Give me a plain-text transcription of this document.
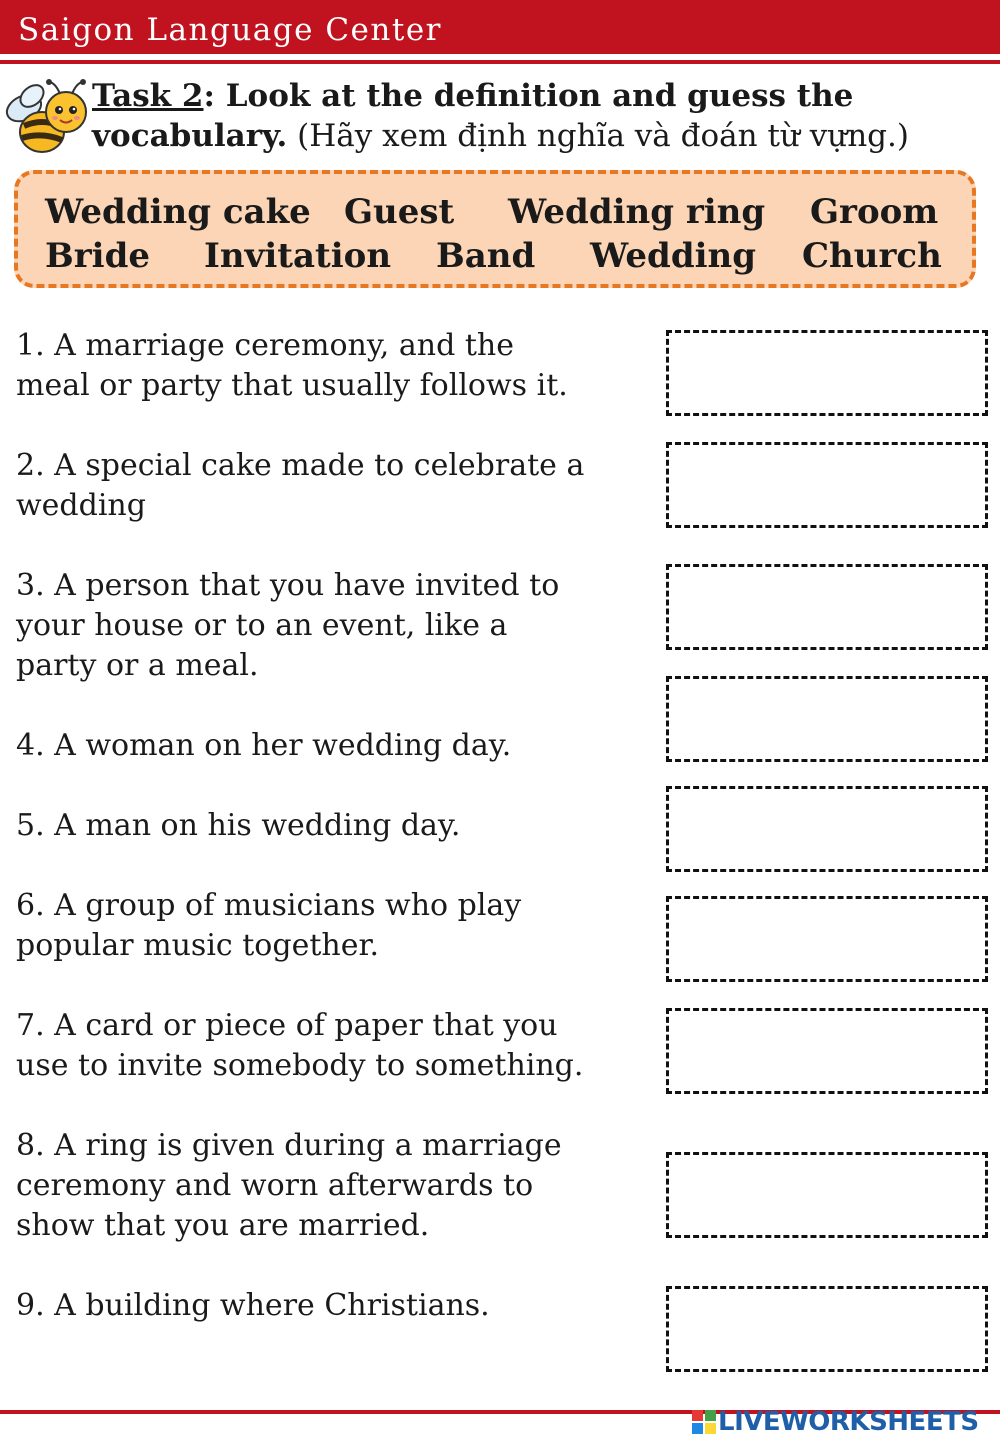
Saigon Language Center
Task 2: Look at the definition and guess the vocabulary. (Hãy xem định nghĩa và đoán từ vựng.)
Wedding cake Guest Wedding ring Groom
Bride Invitation Band Wedding Church
1. A marriage ceremony, and the
meal or party that usually follows it.
2. A special cake made to celebrate a
wedding
3. A person that you have invited to
your house or to an event, like a
party or a meal.
4. A woman on her wedding day.
5. A man on his wedding day.
6. A group of musicians who play
popular music together.
7. A card or piece of paper that you
use to invite somebody to something.
8. A ring is given during a marriage
ceremony and worn afterwards to
show that you are married.
9. A building where Christians.
LIVEWORKSHEETS
